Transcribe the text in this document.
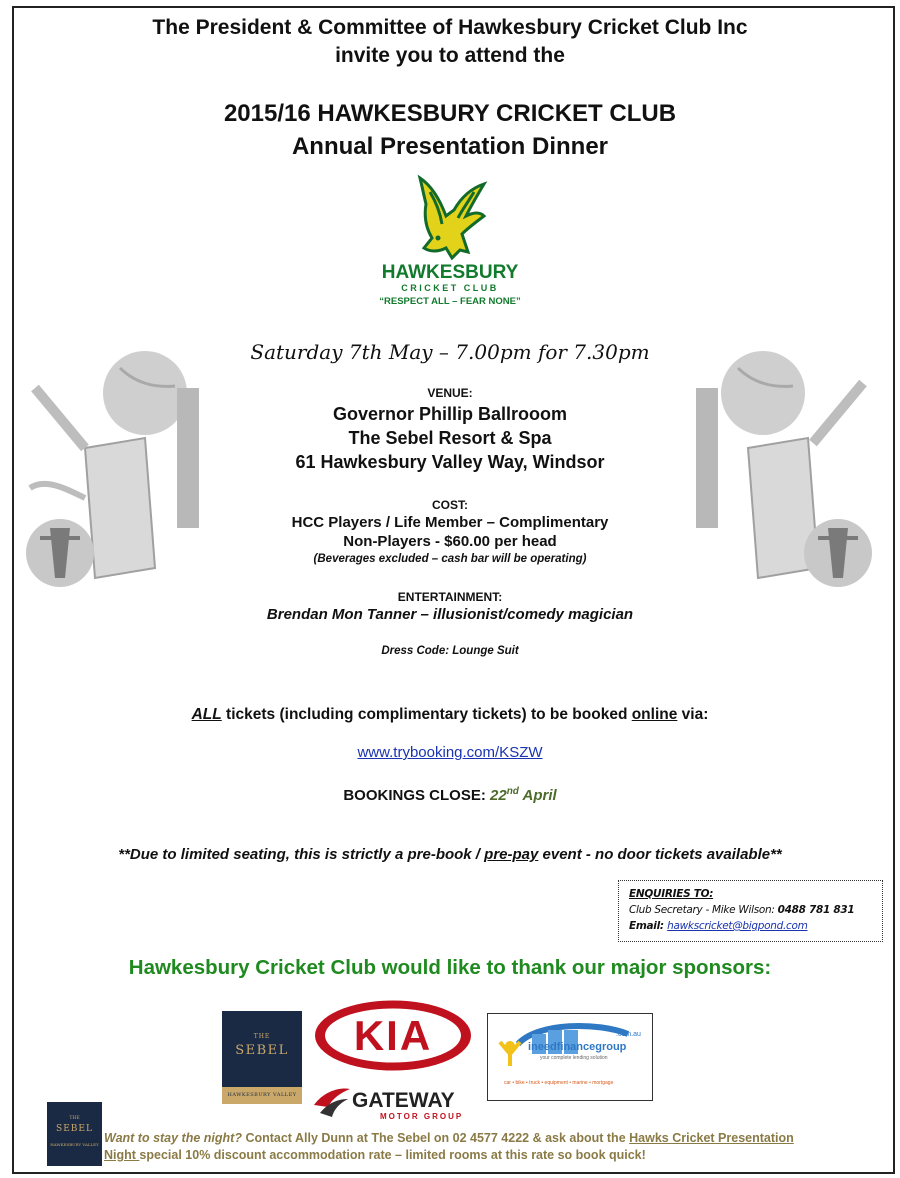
The President & Committee of Hawkesbury Cricket Club Inc
invite you to attend the
2015/16 HAWKESBURY CRICKET CLUB
Annual Presentation Dinner
HAWKESBURY
CRICKET CLUB
“RESPECT ALL – FEAR NONE”
Saturday 7th May – 7.00pm for 7.30pm
VENUE:
Governor Phillip Ballrooom
The Sebel Resort & Spa
61 Hawkesbury Valley Way, Windsor
COST:
HCC Players / Life Member – Complimentary
Non-Players - $60.00 per head
(Beverages excluded – cash bar will be operating)
ENTERTAINMENT:
Brendan Mon Tanner – illusionist/comedy magician
Dress Code: Lounge Suit
ALL tickets (including complimentary tickets) to be booked online via:
www.trybooking.com/KSZW
BOOKINGS CLOSE: 22nd April
**Due to limited seating, this is strictly a pre-book / pre-pay event - no door tickets available**
ENQUIRIES TO:
Club Secretary - Mike Wilson: 0488 781 831
Email: hawkscricket@bigpond.com
Hawkesbury Cricket Club would like to thank our major sponsors:
THE
SEBEL
HAWKESBURY VALLEY
KIA
GATEWAY
MOTOR GROUP
.com.au
ineedfinancegroup
your complete lending solution
car • bike • truck • equipment • marine • mortgage
THE
SEBEL
HAWKESBURY VALLEY Want to stay the night? Contact Ally Dunn at The Sebel on 02 4577 4222 & ask about the Hawks Cricket Presentation
Night special 10% discount accommodation rate – limited rooms at this rate so book quick!
